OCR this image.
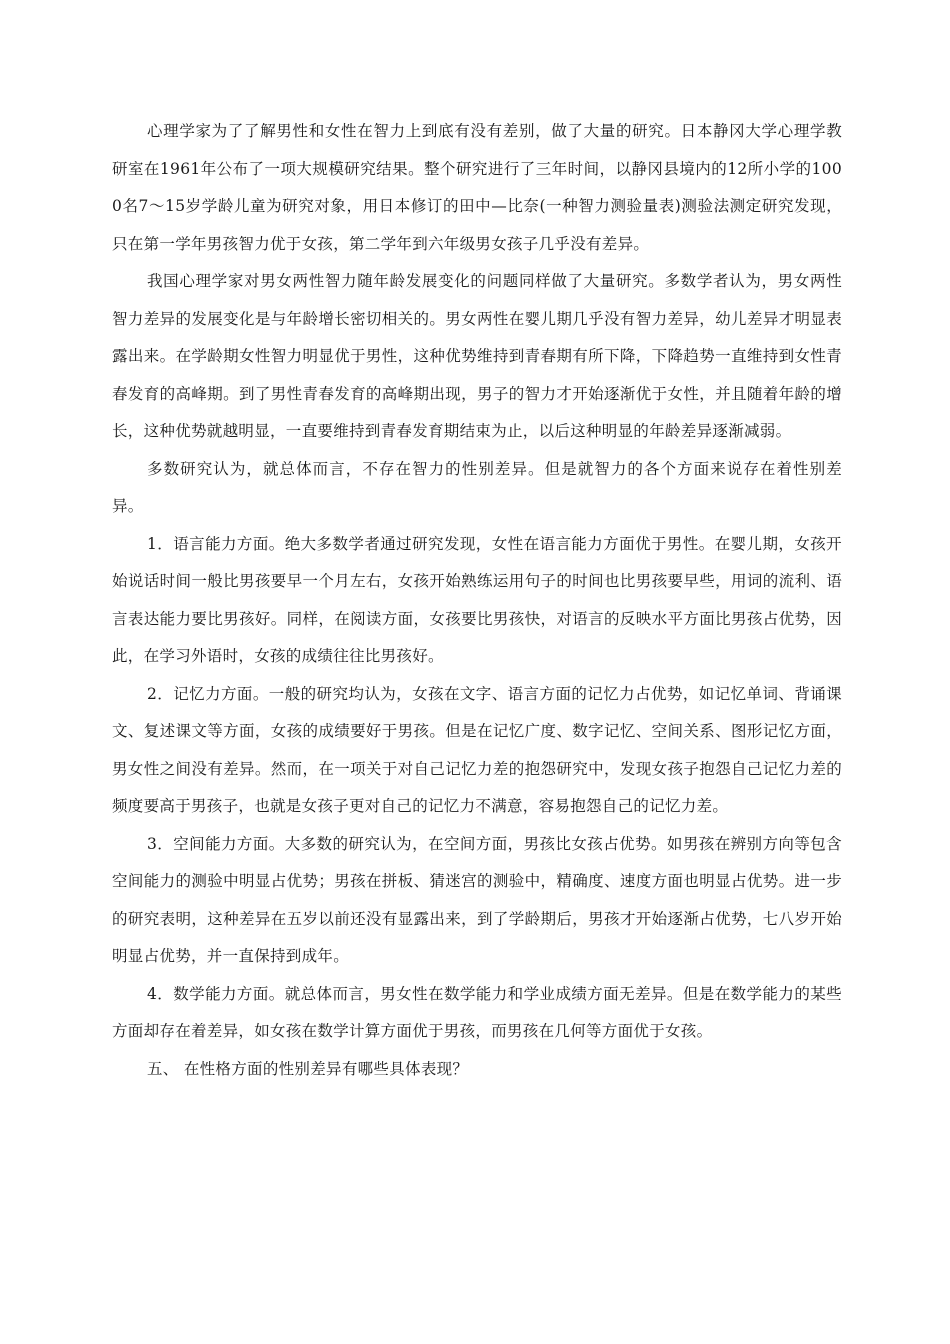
心理学家为了了解男性和女性在智力上到底有没有差别，做了大量的研究。日本静冈大学心理学教研室在1961年公布了一项大规模研究结果。整个研究进行了三年时间，以静冈县境内的12所小学的1000名7～15岁学龄儿童为研究对象，用日本修订的田中—比奈(一种智力测验量表)测验法测定研究发现，只在第一学年男孩智力优于女孩，第二学年到六年级男女孩子几乎没有差异。

我国心理学家对男女两性智力随年龄发展变化的问题同样做了大量研究。多数学者认为，男女两性智力差异的发展变化是与年龄增长密切相关的。男女两性在婴儿期几乎没有智力差异，幼儿差异才明显表露出来。在学龄期女性智力明显优于男性，这种优势维持到青春期有所下降，下降趋势一直维持到女性青春发育的高峰期。到了男性青春发育的高峰期出现，男子的智力才开始逐渐优于女性，并且随着年龄的增长，这种优势就越明显，一直要维持到青春发育期结束为止，以后这种明显的年龄差异逐渐减弱。

多数研究认为，就总体而言，不存在智力的性别差异。但是就智力的各个方面来说存在着性别差异。

1．语言能力方面。绝大多数学者通过研究发现，女性在语言能力方面优于男性。在婴儿期，女孩开始说话时间一般比男孩要早一个月左右，女孩开始熟练运用句子的时间也比男孩要早些，用词的流利、语言表达能力要比男孩好。同样，在阅读方面，女孩要比男孩快，对语言的反映水平方面比男孩占优势，因此，在学习外语时，女孩的成绩往往比男孩好。

2．记忆力方面。一般的研究均认为，女孩在文字、语言方面的记忆力占优势，如记忆单词、背诵课文、复述课文等方面，女孩的成绩要好于男孩。但是在记忆广度、数字记忆、空间关系、图形记忆方面，男女性之间没有差异。然而，在一项关于对自己记忆力差的抱怨研究中，发现女孩子抱怨自己记忆力差的频度要高于男孩子，也就是女孩子更对自己的记忆力不满意，容易抱怨自己的记忆力差。

3．空间能力方面。大多数的研究认为，在空间方面，男孩比女孩占优势。如男孩在辨别方向等包含空间能力的测验中明显占优势；男孩在拼板、猜迷宫的测验中，精确度、速度方面也明显占优势。进一步的研究表明，这种差异在五岁以前还没有显露出来，到了学龄期后，男孩才开始逐渐占优势，七八岁开始明显占优势，并一直保持到成年。

4．数学能力方面。就总体而言，男女性在数学能力和学业成绩方面无差异。但是在数学能力的某些方面却存在着差异，如女孩在数学计算方面优于男孩，而男孩在几何等方面优于女孩。

五、 在性格方面的性别差异有哪些具体表现？
